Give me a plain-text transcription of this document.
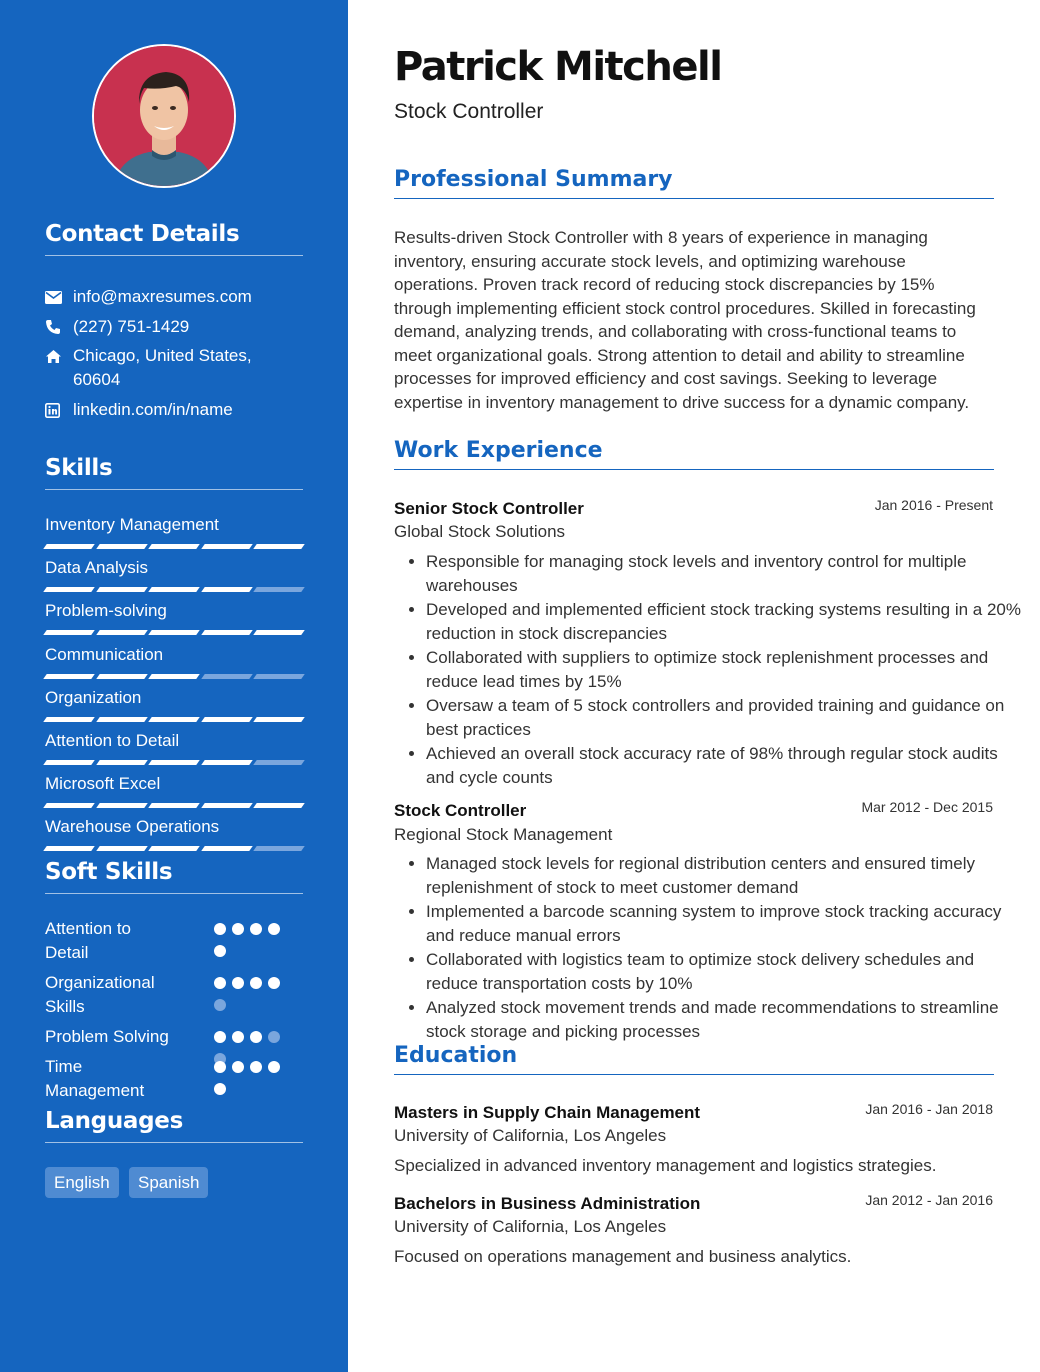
Contact Details
info@maxresumes.com
(227) 751-1429
Chicago, United States, 60604
linkedin.com/in/name
Skills
Inventory Management
Data Analysis
Problem-solving
Communication
Organization
Attention to Detail
Microsoft Excel
Warehouse Operations
Soft Skills
Attention to Detail
Organizational Skills
Problem Solving
Time Management
Languages
English	Spanish
Patrick Mitchell
Stock Controller
Professional Summary
Results-driven Stock Controller with 8 years of experience in managing inventory, ensuring accurate stock levels, and optimizing warehouse operations. Proven track record of reducing stock discrepancies by 15% through implementing efficient stock control procedures. Skilled in forecasting demand, analyzing trends, and collaborating with cross-functional teams to meet organizational goals. Strong attention to detail and ability to streamline processes for improved efficiency and cost savings. Seeking to leverage expertise in inventory management to drive success for a dynamic company.
Work Experience
Senior Stock Controller	Jan 2016 - Present
Global Stock Solutions
• Responsible for managing stock levels and inventory control for multiple warehouses
• Developed and implemented efficient stock tracking systems resulting in a 20% reduction in stock discrepancies
• Collaborated with suppliers to optimize stock replenishment processes and reduce lead times by 15%
• Oversaw a team of 5 stock controllers and provided training and guidance on best practices
• Achieved an overall stock accuracy rate of 98% through regular stock audits and cycle counts
Stock Controller	Mar 2012 - Dec 2015
Regional Stock Management
• Managed stock levels for regional distribution centers and ensured timely replenishment of stock to meet customer demand
• Implemented a barcode scanning system to improve stock tracking accuracy and reduce manual errors
• Collaborated with logistics team to optimize stock delivery schedules and reduce transportation costs by 10%
• Analyzed stock movement trends and made recommendations to streamline stock storage and picking processes
Education
Masters in Supply Chain Management	Jan 2016 - Jan 2018
University of California, Los Angeles
Specialized in advanced inventory management and logistics strategies.
Bachelors in Business Administration	Jan 2012 - Jan 2016
University of California, Los Angeles
Focused on operations management and business analytics.
